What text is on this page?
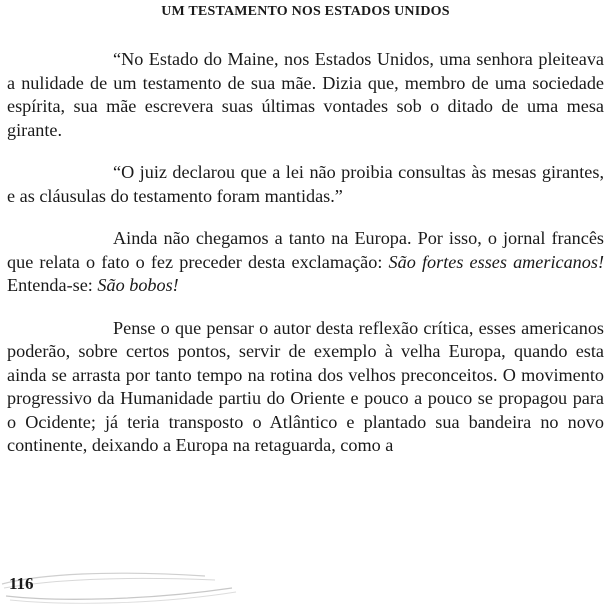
UM TESTAMENTO NOS ESTADOS UNIDOS

“No Estado do Maine, nos Estados Unidos, uma senhora pleiteava a nulidade de um testamento de sua mãe. Dizia que, membro de uma sociedade espírita, sua mãe escrevera suas últimas vontades sob o ditado de uma mesa girante.

“O juiz declarou que a lei não proibia consultas às mesas girantes, e as cláusulas do testamento foram mantidas.”

Ainda não chegamos a tanto na Europa. Por isso, o jornal francês que relata o fato o fez preceder desta exclamação: São fortes esses americanos! Entenda-se: São bobos!

Pense o que pensar o autor desta reflexão crítica, esses americanos poderão, sobre certos pontos, servir de exemplo à velha Europa, quando esta ainda se arrasta por tanto tempo na rotina dos velhos preconceitos. O movimento progressivo da Humanidade partiu do Oriente e pouco a pouco se propagou para o Ocidente; já teria transposto o Atlântico e plantado sua bandeira no novo continente, deixando a Europa na retaguarda, como a

116
